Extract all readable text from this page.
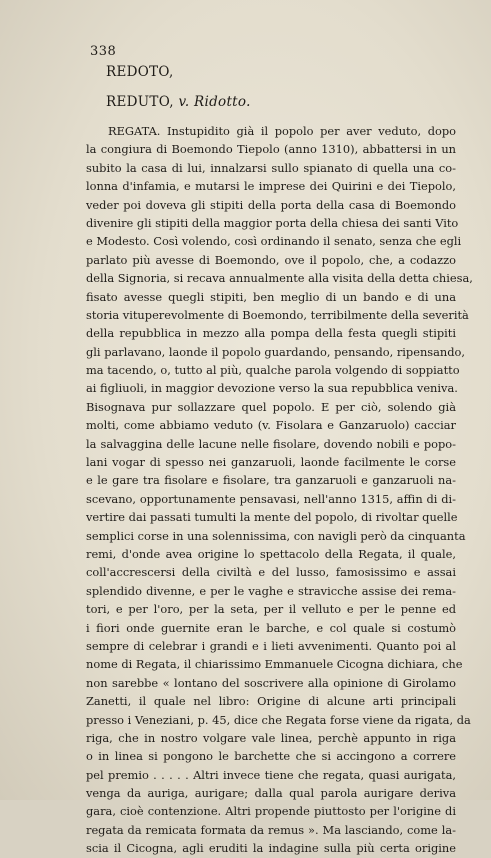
338
REDOTO,
REDUTO, v. Ridotto.
REGATA. Instupidito già il popolo per aver veduto, dopo
la congiura di Boemondo Tiepolo (anno 1310), abbattersi in un
subito la casa di lui, innalzarsi sullo spianato di quella una co-
lonna d'infamia, e mutarsi le imprese dei Quirini e dei Tiepolo,
veder poi doveva gli stipiti della porta della casa di Boemondo
divenire gli stipiti della maggior porta della chiesa dei santi Vito
e Modesto. Così volendo, così ordinando il senato, senza che egli
parlato più avesse di Boemondo, ove il popolo, che, a codazzo
della Signoria, si recava annualmente alla visita della detta chiesa,
fisato avesse quegli stipiti, ben meglio di un bando e di una
storia vituperevolmente di Boemondo, terribilmente della severità
della repubblica in mezzo alla pompa della festa quegli stipiti
gli parlavano, laonde il popolo guardando, pensando, ripensando,
ma tacendo, o, tutto al più, qualche parola volgendo di soppiatto
ai figliuoli, in maggior devozione verso la sua repubblica veniva.
Bisognava pur sollazzare quel popolo. E per ciò, solendo già
molti, come abbiamo veduto (v. Fisolara e Ganzaruolo) cacciar
la salvaggina delle lacune nelle fisolare, dovendo nobili e popo-
lani vogar di spesso nei ganzaruoli, laonde facilmente le corse
e le gare tra fisolare e fisolare, tra ganzaruoli e ganzaruoli na-
scevano, opportunamente pensavasi, nell'anno 1315, affin di di-
vertire dai passati tumulti la mente del popolo, di rivoltar quelle
semplici corse in una solennissima, con navigli però da cinquanta
remi, d'onde avea origine lo spettacolo della Regata, il quale,
coll'accrescersi della civiltà e del lusso, famosissimo e assai
splendido divenne, e per le vaghe e stravicche assise dei rema-
tori, e per l'oro, per la seta, per il velluto e per le penne ed
i fiori onde guernite eran le barche, e col quale si costumò
sempre di celebrar i grandi e i lieti avvenimenti. Quanto poi al
nome di Regata, il chiarissimo Emmanuele Cicogna dichiara, che
non sarebbe « lontano del soscrivere alla opinione di Girolamo
Zanetti, il quale nel libro: Origine di alcune arti principali
presso i Veneziani, p. 45, dice che Regata forse viene da rigata, da
riga, che in nostro volgare vale linea, perchè appunto in riga
o in linea si pongono le barchette che si accingono a correre
pel premio . . . . . Altri invece tiene che regata, quasi aurigata,
venga da auriga, aurigare; dalla qual parola aurigare deriva
gara, cioè contenzione. Altri propende piuttosto per l'origine di
regata da remicata formata da remus ». Ma lasciando, come la-
scia il Cicogna, agli eruditi la indagine sulla più certa origine
